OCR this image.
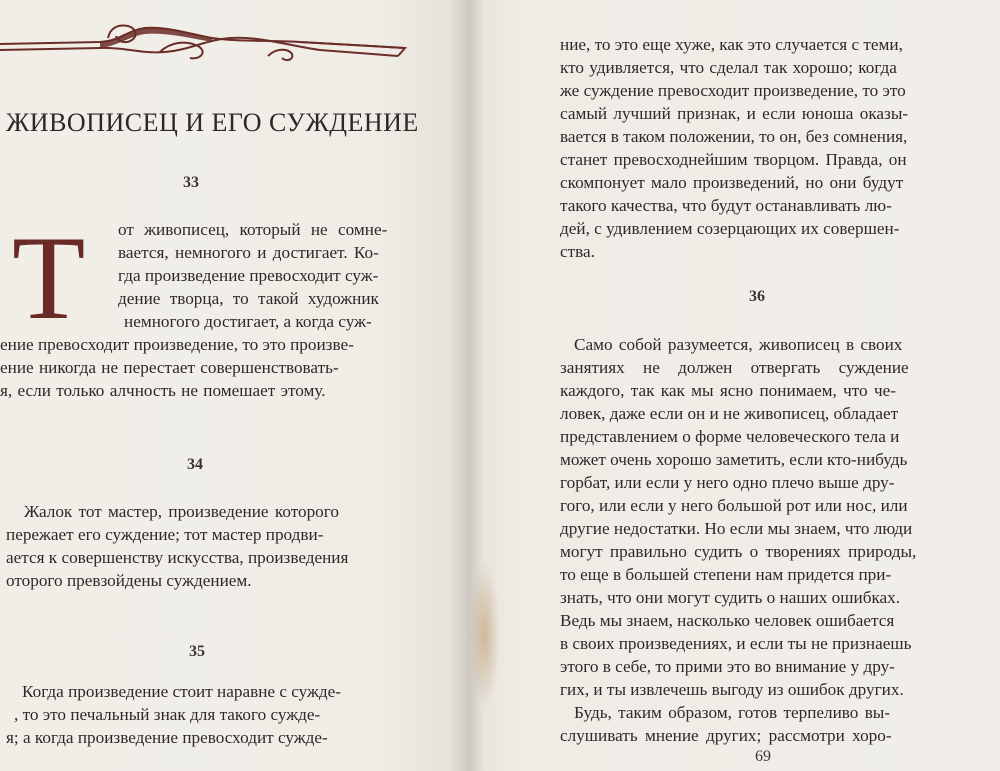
ЖИВОПИСЕЦ И ЕГО СУЖДЕНИЕ
33
Т от живописец, который не сомне-
вается, немногого и достигает. Ко-
гда произведение превосходит суж-
дение творца, то такой художник
немногого достигает, а когда суж-
ение превосходит произведение, то это произве-
ение никогда не перестает совершенствовать-
я, если только алчность не помешает этому.
34
Жалок тот мастер, произведение которого
пережает его суждение; тот мастер продви-
ается к совершенству искусства, произведения
оторого превзойдены суждением.
35
Когда произведение стоит наравне с сужде-
, то это печальный знак для такого сужде-
я; а когда произведение превосходит сужде-
ние, то это еще хуже, как это случается с теми,
кто удивляется, что сделал так хорошо; когда
же суждение превосходит произведение, то это
самый лучший признак, и если юноша оказы-
вается в таком положении, то он, без сомнения,
станет превосходнейшим творцом. Правда, он
скомпонует мало произведений, но они будут
такого качества, что будут останавливать лю-
дей, с удивлением созерцающих их совершен-
ства.
36
Само собой разумеется, живописец в своих
занятиях не должен отвергать суждение
каждого, так как мы ясно понимаем, что че-
ловек, даже если он и не живописец, обладает
представлением о форме человеческого тела и
может очень хорошо заметить, если кто-нибудь
горбат, или если у него одно плечо выше дру-
гого, или если у него большой рот или нос, или
другие недостатки. Но если мы знаем, что люди
могут правильно судить о творениях природы,
то еще в большей степени нам придется при-
знать, что они могут судить о наших ошибках.
Ведь мы знаем, насколько человек ошибается
в своих произведениях, и если ты не признаешь
этого в себе, то прими это во внимание у дру-
гих, и ты извлечешь выгоду из ошибок других.
Будь, таким образом, готов терпеливо вы-
слушивать мнение других; рассмотри хоро-
69
